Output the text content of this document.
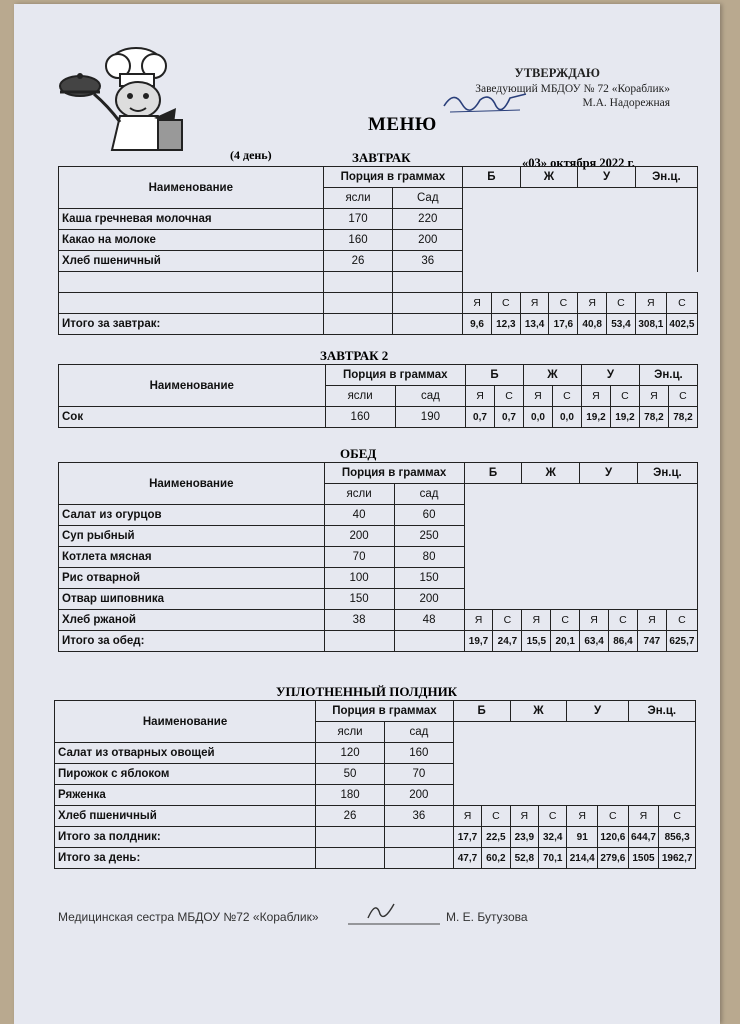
УТВЕРЖДАЮ
Заведующий МБДОУ № 72 «Кораблик»
М.А. Надорежная
МЕНЮ
(4 день)	ЗАВТРАК	«03» октября 2022 г.
Наименование	Порция в граммах		Б		Ж		У		Эн.ц.	
	ясли	Сад								
Каша гречневая молочная	170	220								
Какао на молоке	160	200								
Хлеб пшеничный	26	36								

			Я	С	Я	С	Я	С	Я	С
Итого за завтрак:			9,6	12,3	13,4	17,6	40,8	53,4	308,1	402,5
ЗАВТРАК 2
Наименование	Порция в граммах		Б		Ж		У		Эн.ц.	
	ясли	сад	Я	С	Я	С	Я	С	Я	С
Сок	160	190	0,7	0,7	0,0	0,0	19,2	19,2	78,2	78,2
ОБЕД
Наименование	Порция в граммах		Б		Ж		У		Эн.ц.	
	ясли	сад								
Салат из огурцов	40	60								
Суп рыбный	200	250								
Котлета мясная	70	80								
Рис отварной	100	150								
Отвар шиповника	150	200								
Хлеб ржаной	38	48	Я	С	Я	С	Я	С	Я	С
Итого за обед:			19,7	24,7	15,5	20,1	63,4	86,4	747	625,7
УПЛОТНЕННЫЙ ПОЛДНИК
Наименование	Порция в граммах		Б		Ж		У		Эн.ц.	
	ясли	сад								
Салат из отварных овощей	120	160								
Пирожок с яблоком	50	70								
Ряженка	180	200								
Хлеб пшеничный	26	36	Я	С	Я	С	Я	С	Я	С
Итого за полдник:			17,7	22,5	23,9	32,4	91	120,6	644,7	856,3
Итого за день:			47,7	60,2	52,8	70,1	214,4	279,6	1505	1962,7
Медицинская сестра МБДОУ №72 «Кораблик»	М. Е. Бутузова
